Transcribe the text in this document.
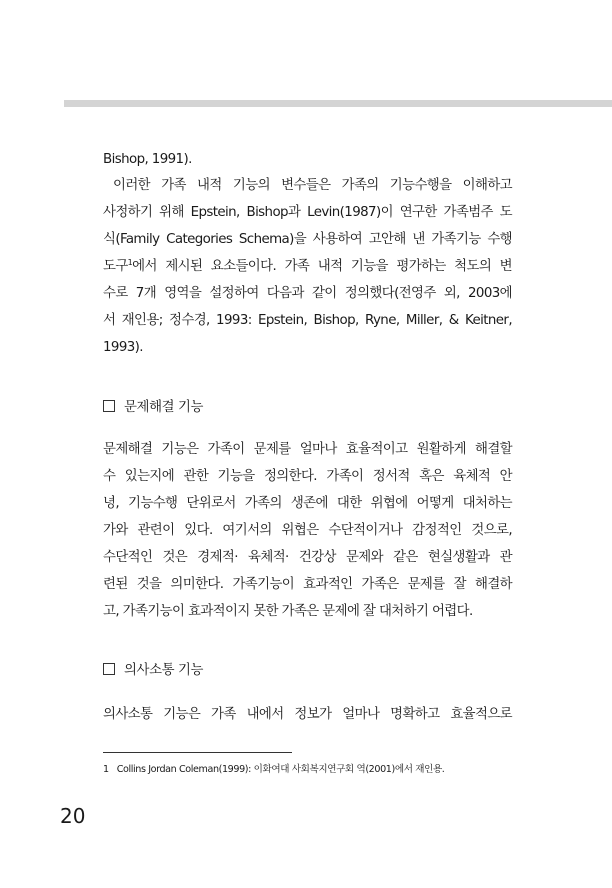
Bishop, 1991).

이러한 가족 내적 기능의 변수들은 가족의 기능수행을 이해하고
사정하기 위해 Epstein, Bishop과 Levin(1987)이 연구한 가족범주 도
식(Family Categories Schema)을 사용하여 고안해 낸 가족기능 수행
도구$^1$에서 제시된 요소들이다. 가족 내적 기능을 평가하는 척도의 변
수로 7개 영역을 설정하여 다음과 같이 정의했다(전영주 외, 2003에
서 재인용; 정수경, 1993: Epstein, Bishop, Ryne, Miller, & Keitner,
1993).

문제해결 기능

문제해결 기능은 가족이 문제를 얼마나 효율적이고 원활하게 해결할
수 있는지에 관한 기능을 정의한다. 가족이 정서적 혹은 육체적 안
녕, 기능수행 단위로서 가족의 생존에 대한 위협에 어떻게 대처하는
가와 관련이 있다. 여기서의 위협은 수단적이거나 감정적인 것으로,
수단적인 것은 경제적· 육체적· 건강상 문제와 같은 현실생활과 관
련된 것을 의미한다. 가족기능이 효과적인 가족은 문제를 잘 해결하
고, 가족기능이 효과적이지 못한 가족은 문제에 잘 대처하기 어렵다.

의사소통 기능

의사소통 기능은 가족 내에서 정보가 얼마나 명확하고 효율적으로

1 Collins Jordan Coleman(1999): 이화여대 사회복지연구회 역(2001)에서 재인용.

20
